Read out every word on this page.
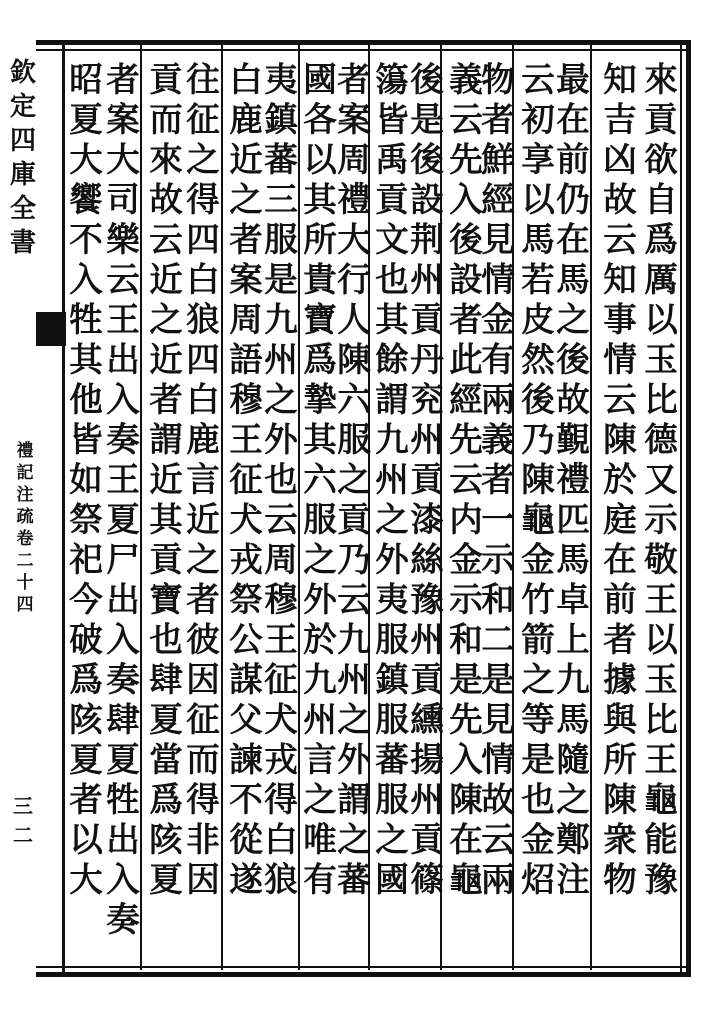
欽
定
四
庫
全
書
禮
記
注
疏
卷
二
十
四
三二
來
貢
欲
自
爲
厲
以
玉
比
德
又
示
敬
王
以
玉
比
王
龜
能
豫
知
吉
凶
故
云
知
事
情
云
陳
於
庭
在
前
者
據
與
所
陳
衆
物
最
在
前
仍
在
馬
之
後
故
覲
禮
匹
馬
卓
上
九
馬
隨
之
鄭
注
云
初
享
以
馬
若
皮
然
後
乃
陳
龜
金
竹
箭
之
等
是
也
金
炤
物
者
鮮
經
見
情
金
有
兩
義
者
一
示
和
二
是
見
情
故
云
兩
義
云
先
入
後
設
者
此
經
先
云
内
金
示
和
是
先
入
陳
在
龜
後
是
後
設
荆
州
貢
丹
兖
州
貢
漆
絲
豫
州
貢
纁
揚
州
貢
篠
簜
皆
禹
貢
文
也
其
餘
謂
九
州
之
外
夷
服
鎮
服
蕃
服
之
國
者
案
周
禮
大
行
人
陳
六
服
之
貢
乃
云
九
州
之
外
謂
之
蕃
國
各
以
其
所
貴
寶
爲
摯
其
六
服
之
外
於
九
州
言
之
唯
有
夷
鎮
蕃
三
服
是
九
州
之
外
也
云
周
穆
王
征
犬
戎
得
白
狼
白
鹿
近
之
者
案
周
語
穆
王
征
犬
戎
祭
公
謀
父
諫
不
從
遂
往
征
之
得
四
白
狼
四
白
鹿
言
近
之
者
彼
因
征
而
得
非
因
貢
而
來
故
云
近
之
近
者
謂
近
其
貢
寶
也
肆
夏
當
爲
陔
夏
者
案
大
司
樂
云
王
出
入
奏
王
夏
尸
出
入
奏
肆
夏
牲
出
入
奏
昭
夏
大
饗
不
入
牲
其
他
皆
如
祭
祀
今
破
爲
陔
夏
者
以
大
